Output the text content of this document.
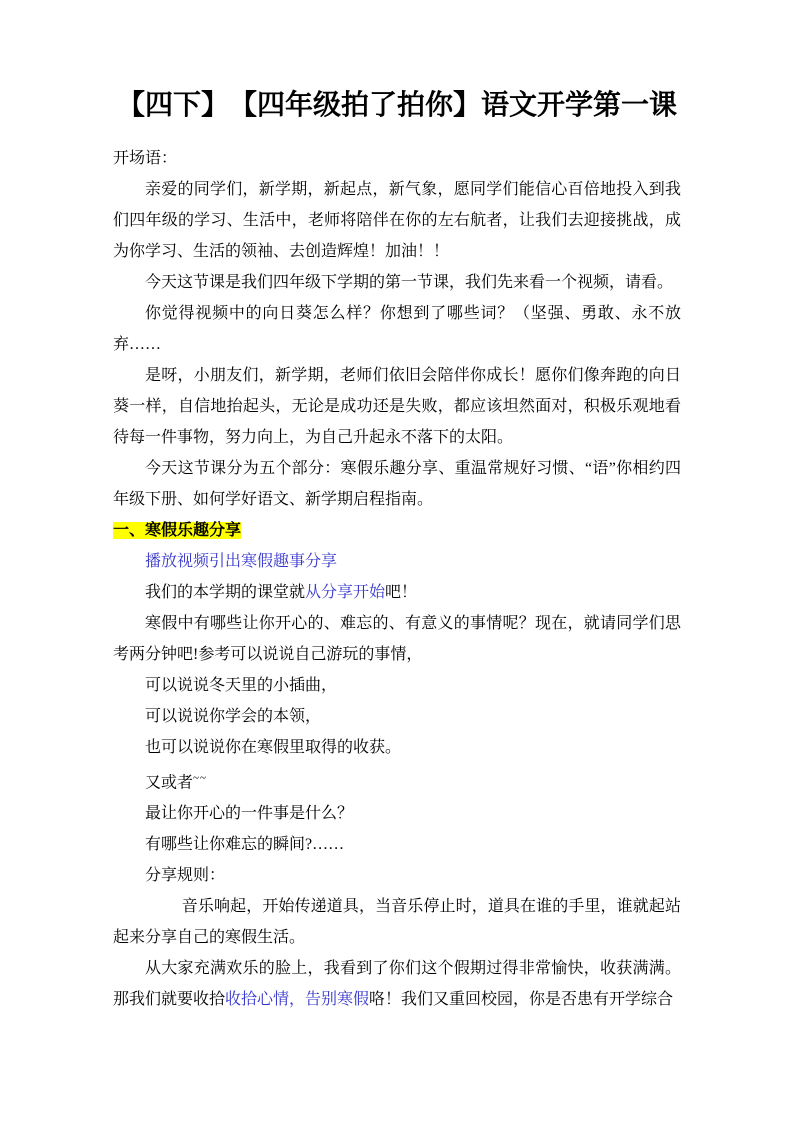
【四下】　【四年级拍了拍你】语文开学第一课

开场语：

亲爱的同学们，新学期，新起点，新气象，愿同学们能信心百倍地投入到我们四年级的学习、生活中，老师将陪伴在你的左右航者，让我们去迎接挑战，成为你学习、生活的领袖、去创造辉煌！加油！！

今天这节课是我们四年级下学期的第一节课，我们先来看一个视频，请看。

你觉得视频中的向日葵怎么样？你想到了哪些词？（坚强、勇敢、永不放弃……

是呀，小朋友们，新学期，老师们依旧会陪伴你成长！愿你们像奔跑的向日葵一样，自信地抬起头，无论是成功还是失败，都应该坦然面对，积极乐观地看待每一件事物，努力向上，为自己升起永不落下的太阳。

今天这节课分为五个部分：寒假乐趣分享、重温常规好习惯、“语”你相约四年级下册、如何学好语文、新学期启程指南。

一、寒假乐趣分享

播放视频引出寒假趣事分享

我们的本学期的课堂就从分享开始吧！

寒假中有哪些让你开心的、难忘的、有意义的事情呢？现在，就请同学们思考两分钟吧!参考可以说说自己游玩的事情，

可以说说冬天里的小插曲，

可以说说你学会的本领，

也可以说说你在寒假里取得的收获。

又或者~~

最让你开心的一件事是什么？

有哪些让你难忘的瞬间?……

分享规则：

音乐响起，开始传递道具，当音乐停止时，道具在谁的手里，谁就起站起来分享自己的寒假生活。

从大家充满欢乐的脸上，我看到了你们这个假期过得非常愉快，收获满满。那我们就要收拾收拾心情，告别寒假咯！我们又重回校园，你是否患有开学综合
